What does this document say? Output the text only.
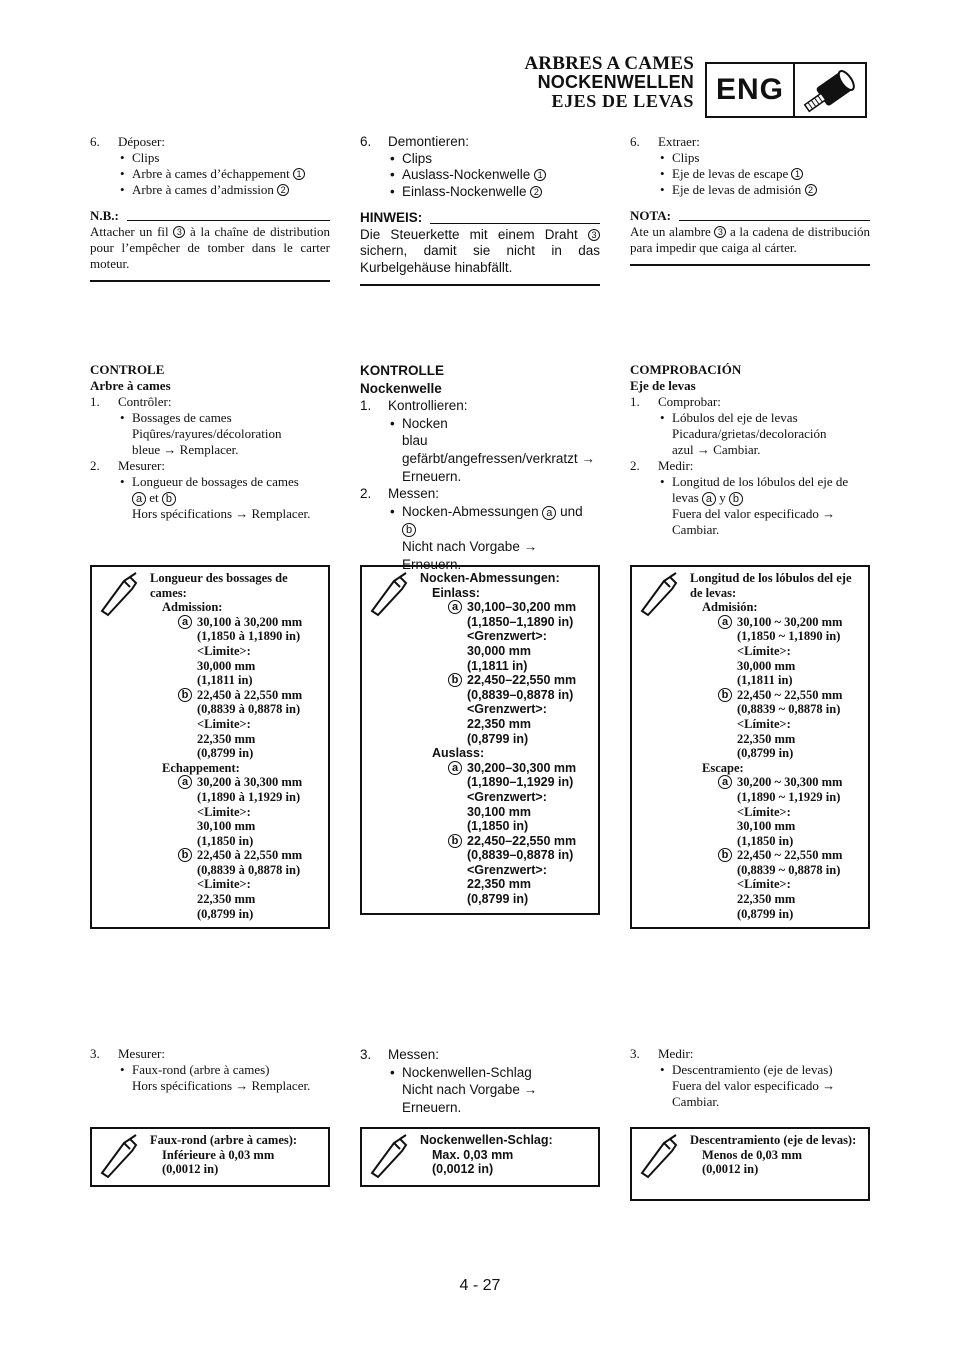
ARBRES A CAMES
NOCKENWELLEN
EJES DE LEVAS ENG
6. Déposer:
• Clips
• Arbre à cames d’échappement 1
• Arbre à cames d’admission 2
N.B.:
Attacher un fil 3 à la chaîne de distribution pour l’empêcher de tomber dans le carter moteur.
CONTROLE
Arbre à cames
1. Contrôler:
• Bossages de cames
Piqûres/rayures/décoloration
bleue → Remplacer.
2. Mesurer:
• Longueur de bossages de cames
a et b
Hors spécifications → Remplacer.
Longueur des bossages de cames:
Admission:
a 30,100 à 30,200 mm
(1,1850 à 1,1890 in)
<Limite>:
30,000 mm
(1,1811 in)
b 22,450 à 22,550 mm
(0,8839 à 0,8878 in)
<Limite>:
22,350 mm
(0,8799 in)
Echappement:
a 30,200 à 30,300 mm
(1,1890 à 1,1929 in)
<Limite>:
30,100 mm
(1,1850 in)
b 22,450 à 22,550 mm
(0,8839 à 0,8878 in)
<Limite>:
22,350 mm
(0,8799 in)
3. Mesurer:
• Faux-rond (arbre à cames)
Hors spécifications → Remplacer.
Faux-rond (arbre à cames):
Inférieure à 0,03 mm
(0,0012 in)
6. Demontieren:
• Clips
• Auslass-Nockenwelle 1
• Einlass-Nockenwelle 2
HINWEIS:
Die Steuerkette mit einem Draht 3 sichern, damit sie nicht in das Kurbelgehäuse hinabfällt.
KONTROLLE
Nockenwelle
1. Kontrollieren:
• Nocken
blau gefärbt/angefressen/verkratzt → Erneuern.
2. Messen:
• Nocken-Abmessungen a und b
Nicht nach Vorgabe → Erneuern.
Nocken-Abmessungen:
Einlass:
a 30,100–30,200 mm
(1,1850–1,1890 in)
<Grenzwert>:
30,000 mm
(1,1811 in)
b 22,450–22,550 mm
(0,8839–0,8878 in)
<Grenzwert>:
22,350 mm
(0,8799 in)
Auslass:
a 30,200–30,300 mm
(1,1890–1,1929 in)
<Grenzwert>:
30,100 mm
(1,1850 in)
b 22,450–22,550 mm
(0,8839–0,8878 in)
<Grenzwert>:
22,350 mm
(0,8799 in)
3. Messen:
• Nockenwellen-Schlag
Nicht nach Vorgabe → Erneuern.
Nockenwellen-Schlag:
Max. 0,03 mm
(0,0012 in)
6. Extraer:
• Clips
• Eje de levas de escape 1
• Eje de levas de admisión 2
NOTA:
Ate un alambre 3 a la cadena de distribución para impedir que caiga al cárter.
COMPROBACIÓN
Eje de levas
1. Comprobar:
• Lóbulos del eje de levas
Picadura/grietas/decoloración
azul → Cambiar.
2. Medir:
• Longitud de los lóbulos del eje de levas a y b
Fuera del valor especificado → Cambiar.
Longitud de los lóbulos del eje de levas:
Admisión:
a 30,100 ~ 30,200 mm
(1,1850 ~ 1,1890 in)
<Límite>:
30,000 mm
(1,1811 in)
b 22,450 ~ 22,550 mm
(0,8839 ~ 0,8878 in)
<Límite>:
22,350 mm
(0,8799 in)
Escape:
a 30,200 ~ 30,300 mm
(1,1890 ~ 1,1929 in)
<Límite>:
30,100 mm
(1,1850 in)
b 22,450 ~ 22,550 mm
(0,8839 ~ 0,8878 in)
<Límite>:
22,350 mm
(0,8799 in)
3. Medir:
• Descentramiento (eje de levas)
Fuera del valor especificado → Cambiar.
Descentramiento (eje de levas):
Menos de 0,03 mm
(0,0012 in)
4 - 27
